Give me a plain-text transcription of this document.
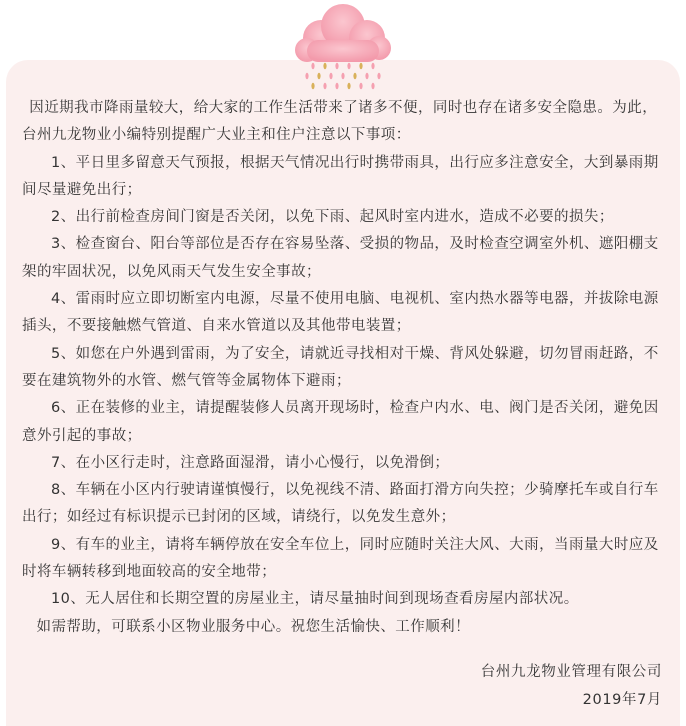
因近期我市降雨量较大，给大家的工作生活带来了诸多不便，同时也存在诸多安全隐患。为此，台州九龙物业小编特别提醒广大业主和住户注意以下事项：

1、平日里多留意天气预报，根据天气情况出行时携带雨具，出行应多注意安全，大到暴雨期间尽量避免出行；

2、出行前检查房间门窗是否关闭，以免下雨、起风时室内进水，造成不必要的损失；

3、检查窗台、阳台等部位是否存在容易坠落、受损的物品，及时检查空调室外机、遮阳棚支架的牢固状况，以免风雨天气发生安全事故；

4、雷雨时应立即切断室内电源，尽量不使用电脑、电视机、室内热水器等电器，并拔除电源插头，不要接触燃气管道、自来水管道以及其他带电装置；

5、如您在户外遇到雷雨，为了安全，请就近寻找相对干燥、背风处躲避，切勿冒雨赶路，不要在建筑物外的水管、燃气管等金属物体下避雨；

6、正在装修的业主，请提醒装修人员离开现场时，检查户内水、电、阀门是否关闭，避免因意外引起的事故；

7、在小区行走时，注意路面湿滑，请小心慢行，以免滑倒；

8、车辆在小区内行驶请谨慎慢行，以免视线不清、路面打滑方向失控；少骑摩托车或自行车出行；如经过有标识提示已封闭的区域，请绕行，以免发生意外；

9、有车的业主，请将车辆停放在安全车位上，同时应随时关注大风、大雨，当雨量大时应及时将车辆转移到地面较高的安全地带；

10、无人居住和长期空置的房屋业主，请尽量抽时间到现场查看房屋内部状况。

如需帮助，可联系小区物业服务中心。祝您生活愉快、工作顺利！

台州九龙物业管理有限公司
2019年7月
